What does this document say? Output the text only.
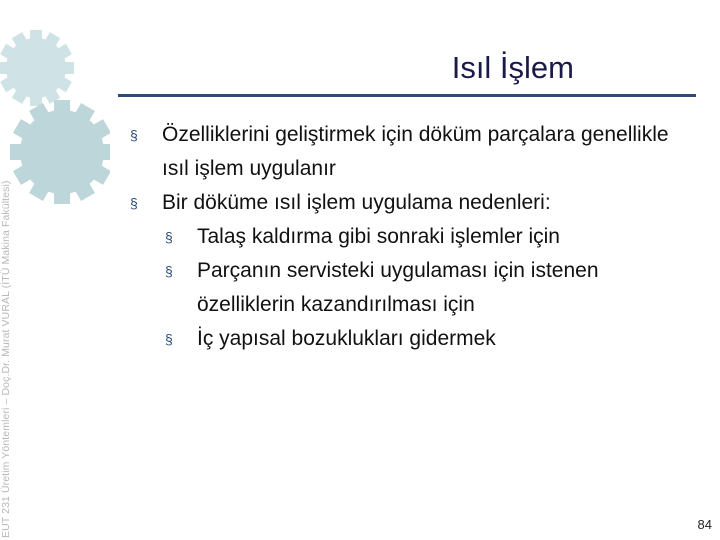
EUT 231 Üretim Yöntemleri – Doç.Dr. Murat VURAL (İTÜ Makina Fakültesi)
Isıl İşlem
§	Özelliklerini geliştirmek için döküm parçalara genellikle ısıl işlem uygulanır
§	Bir döküme ısıl işlem uygulama nedenleri:
§	Talaş kaldırma gibi sonraki işlemler için
§	Parçanın servisteki uygulaması için istenen özelliklerin kazandırılması için
§	İç yapısal bozuklukları gidermek
84
